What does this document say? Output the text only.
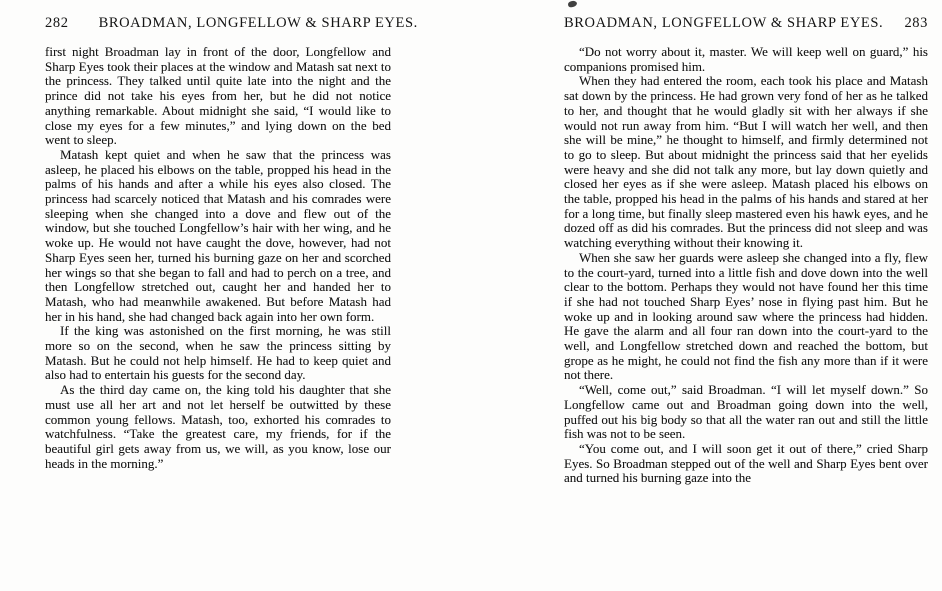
282 BROADMAN, LONGFELLOW & SHARP EYES.

first night Broadman lay in front of the door, Longfellow and Sharp Eyes took their places at the window and Matash sat next to the princess. They talked until quite late into the night and the prince did not take his eyes from her, but he did not notice anything remarkable. About midnight she said, “I would like to close my eyes for a few minutes,” and lying down on the bed went to sleep.

Matash kept quiet and when he saw that the princess was asleep, he placed his elbows on the table, propped his head in the palms of his hands and after a while his eyes also closed. The princess had scarcely noticed that Matash and his comrades were sleeping when she changed into a dove and flew out of the window, but she touched Longfellow’s hair with her wing, and he woke up. He would not have caught the dove, however, had not Sharp Eyes seen her, turned his burning gaze on her and scorched her wings so that she began to fall and had to perch on a tree, and then Longfellow stretched out, caught her and handed her to Matash, who had meanwhile awakened. But before Matash had her in his hand, she had changed back again into her own form.

If the king was astonished on the first morning, he was still more so on the second, when he saw the princess sitting by Matash. But he could not help himself. He had to keep quiet and also had to entertain his guests for the second day.

As the third day came on, the king told his daughter that she must use all her art and not let herself be outwitted by these common young fellows. Matash, too, exhorted his comrades to watchfulness. “Take the greatest care, my friends, for if the beautiful girl gets away from us, we will, as you know, lose our heads in the morning.”

BROADMAN, LONGFELLOW & SHARP EYES. 283

“Do not worry about it, master. We will keep well on guard,” his companions promised him.

When they had entered the room, each took his place and Matash sat down by the princess. He had grown very fond of her as he talked to her, and thought that he would gladly sit with her always if she would not run away from him. “But I will watch her well, and then she will be mine,” he thought to himself, and firmly determined not to go to sleep. But about midnight the princess said that her eyelids were heavy and she did not talk any more, but lay down quietly and closed her eyes as if she were asleep. Matash placed his elbows on the table, propped his head in the palms of his hands and stared at her for a long time, but finally sleep mastered even his hawk eyes, and he dozed off as did his comrades. But the princess did not sleep and was watching everything without their knowing it.

When she saw her guards were asleep she changed into a fly, flew to the court-yard, turned into a little fish and dove down into the well clear to the bottom. Perhaps they would not have found her this time if she had not touched Sharp Eyes’ nose in flying past him. But he woke up and in looking around saw where the princess had hidden. He gave the alarm and all four ran down into the court-yard to the well, and Longfellow stretched down and reached the bottom, but grope as he might, he could not find the fish any more than if it were not there.

“Well, come out,” said Broadman. “I will let myself down.” So Longfellow came out and Broadman going down into the well, puffed out his big body so that all the water ran out and still the little fish was not to be seen.

“You come out, and I will soon get it out of there,” cried Sharp Eyes. So Broadman stepped out of the well and Sharp Eyes bent over and turned his burning gaze into the
